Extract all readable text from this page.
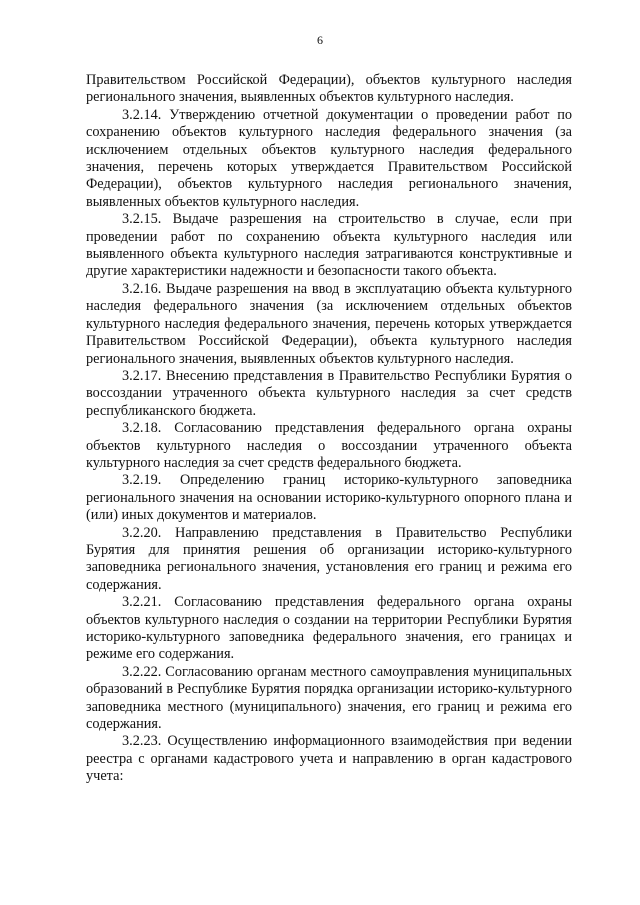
6

Правительством Российской Федерации), объектов культурного наследия регионального значения, выявленных объектов культурного наследия.

3.2.14. Утверждению отчетной документации о проведении работ по сохранению объектов культурного наследия федерального значения (за исключением отдельных объектов культурного наследия федерального значения, перечень которых утверждается Правительством Российской Федерации), объектов культурного наследия регионального значения, выявленных объектов культурного наследия.

3.2.15. Выдаче разрешения на строительство в случае, если при проведении работ по сохранению объекта культурного наследия или выявленного объекта культурного наследия затрагиваются конструктивные и другие характеристики надежности и безопасности такого объекта.

3.2.16. Выдаче разрешения на ввод в эксплуатацию объекта культурного наследия федерального значения (за исключением отдельных объектов культурного наследия федерального значения, перечень которых утверждается Правительством Российской Федерации), объекта культурного наследия регионального значения, выявленных объектов культурного наследия.

3.2.17. Внесению представления в Правительство Республики Бурятия о воссоздании утраченного объекта культурного наследия за счет средств республиканского бюджета.

3.2.18. Согласованию представления федерального органа охраны объектов культурного наследия о воссоздании утраченного объекта культурного наследия за счет средств федерального бюджета.

3.2.19. Определению границ историко-культурного заповедника регионального значения на основании историко-культурного опорного плана и (или) иных документов и материалов.

3.2.20. Направлению представления в Правительство Республики Бурятия для принятия решения об организации историко-культурного заповедника регионального значения, установления его границ и режима его содержания.

3.2.21. Согласованию представления федерального органа охраны объектов культурного наследия о создании на территории Республики Бурятия историко-культурного заповедника федерального значения, его границах и режиме его содержания.

3.2.22. Согласованию органам местного самоуправления муниципальных образований в Республике Бурятия порядка организации историко-культурного заповедника местного (муниципального) значения, его границ и режима его содержания.

3.2.23. Осуществлению информационного взаимодействия при ведении реестра с органами кадастрового учета и направлению в орган кадастрового учета:
